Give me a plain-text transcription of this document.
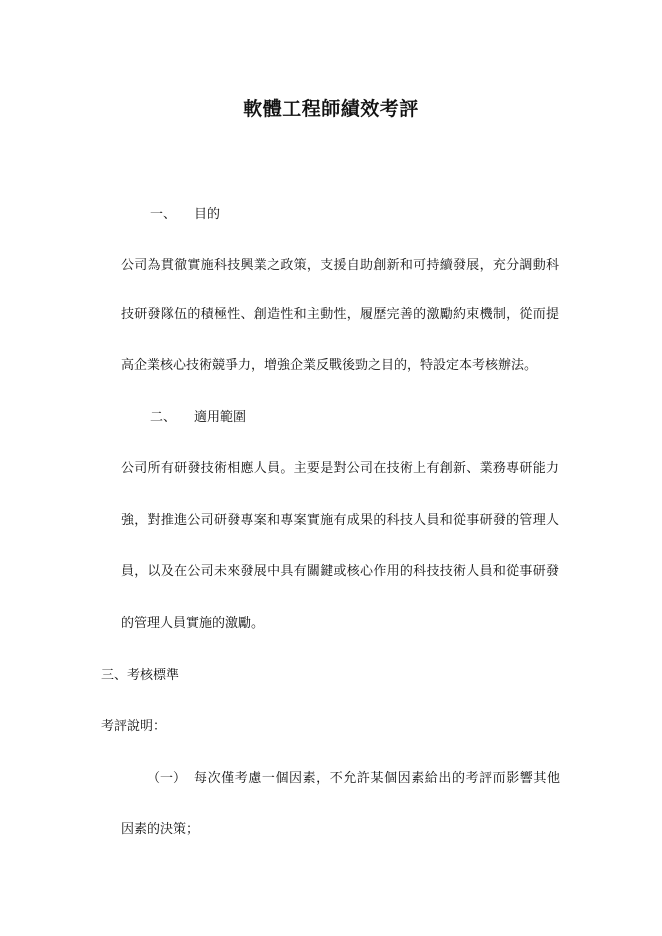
軟體工程師績效考評
一、 目的
公司為貫徹實施科技興業之政策，支援自助創新和可持續發展，充分調動科
技研發隊伍的積極性、創造性和主動性，履歷完善的激勵約束機制，從而提
高企業核心技術競爭力，增強企業反戰後勁之目的，特設定本考核辦法。
二、 適用範圍
公司所有研發技術相應人員。主要是對公司在技術上有創新、業務專研能力
強，對推進公司研發專案和專案實施有成果的科技人員和從事研發的管理人
員，以及在公司未來發展中具有關鍵或核心作用的科技技術人員和從事研發
的管理人員實施的激勵。
三、考核標準
考評說明：
（一） 每次僅考慮一個因素，不允許某個因素給出的考評而影響其他
因素的決策；
